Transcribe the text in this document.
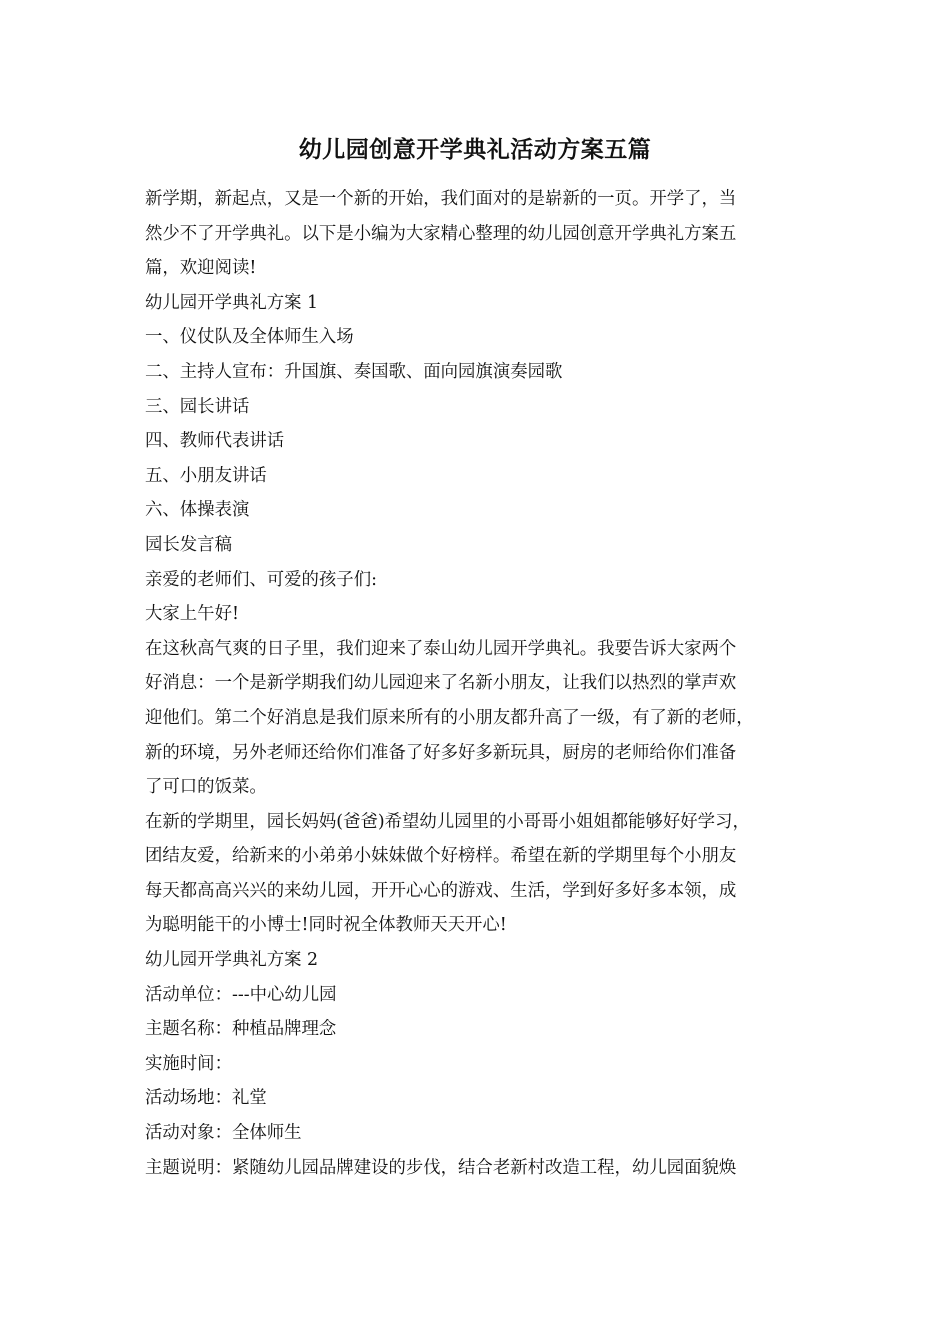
幼儿园创意开学典礼活动方案五篇

新学期，新起点，又是一个新的开始，我们面对的是崭新的一页。开学了，当

然少不了开学典礼。以下是小编为大家精心整理的幼儿园创意开学典礼方案五

篇，欢迎阅读!

幼儿园开学典礼方案 1

一、仪仗队及全体师生入场

二、主持人宣布：升国旗、奏国歌、面向园旗演奏园歌

三、园长讲话

四、教师代表讲话

五、小朋友讲话

六、体操表演

园长发言稿

亲爱的老师们、可爱的孩子们:

大家上午好!

在这秋高气爽的日子里，我们迎来了泰山幼儿园开学典礼。我要告诉大家两个

好消息：一个是新学期我们幼儿园迎来了名新小朋友，让我们以热烈的掌声欢

迎他们。第二个好消息是我们原来所有的小朋友都升高了一级，有了新的老师，

新的环境，另外老师还给你们准备了好多好多新玩具，厨房的老师给你们准备

了可口的饭菜。

在新的学期里，园长妈妈(爸爸)希望幼儿园里的小哥哥小姐姐都能够好好学习，

团结友爱，给新来的小弟弟小妹妹做个好榜样。希望在新的学期里每个小朋友

每天都高高兴兴的来幼儿园，开开心心的游戏、生活，学到好多好多本领，成

为聪明能干的小博士!同时祝全体教师天天开心!

幼儿园开学典礼方案 2

活动单位：---中心幼儿园

主题名称：种植品牌理念

实施时间：

活动场地：礼堂

活动对象：全体师生

主题说明：紧随幼儿园品牌建设的步伐，结合老新村改造工程，幼儿园面貌焕
